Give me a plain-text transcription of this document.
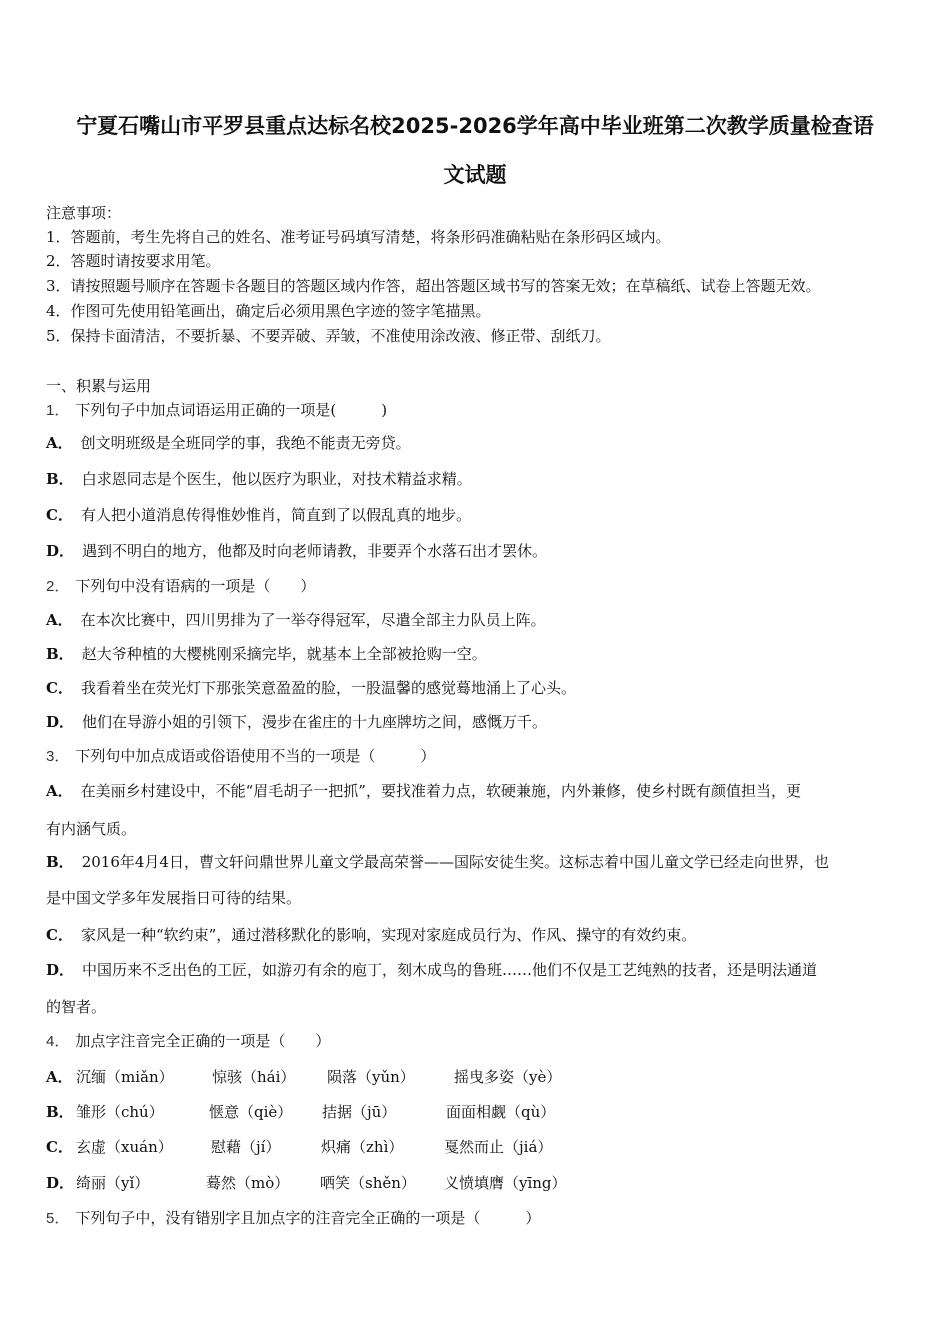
宁夏石嘴山市平罗县重点达标名校2025-2026学年高中毕业班第二次教学质量检查语
文试题
注意事项：
1．答题前，考生先将自己的姓名、准考证号码填写清楚，将条形码准确粘贴在条形码区域内。
2．答题时请按要求用笔。
3．请按照题号顺序在答题卡各题目的答题区域内作答，超出答题区域书写的答案无效；在草稿纸、试卷上答题无效。
4．作图可先使用铅笔画出，确定后必须用黑色字迹的签字笔描黑。
5．保持卡面清洁，不要折暴、不要弄破、弄皱，不准使用涂改液、修正带、刮纸刀。
一、积累与运用
1． 下列句子中加点词语运用正确的一项是(　　　)
A． 创文明班级是全班同学的事，我绝不能责无旁贷。
B． 白求恩同志是个医生，他以医疗为职业，对技术精益求精。
C． 有人把小道消息传得惟妙惟肖，简直到了以假乱真的地步。
D． 遇到不明白的地方，他都及时向老师请教，非要弄个水落石出才罢休。
2． 下列句中没有语病的一项是（　　）
A． 在本次比赛中，四川男排为了一举夺得冠军，尽遣全部主力队员上阵。
B． 赵大爷种植的大樱桃刚采摘完毕，就基本上全部被抢购一空。
C． 我看着坐在荧光灯下那张笑意盈盈的脸，一股温馨的感觉蓦地涌上了心头。
D． 他们在导游小姐的引领下，漫步在雀庄的十九座牌坊之间，感慨万千。
3． 下列句中加点成语或俗语使用不当的一项是（　　　）
A． 在美丽乡村建设中，不能“眉毛胡子一把抓”，要找准着力点，软硬兼施，内外兼修，使乡村既有颜值担当，更
有内涵气质。
B． 2016年4月4日，曹文轩问鼎世界儿童文学最高荣誉——国际安徒生奖。这标志着中国儿童文学已经走向世界，也
是中国文学多年发展指日可待的结果。
C． 家风是一种“软约束”，通过潜移默化的影响，实现对家庭成员行为、作风、操守的有效约束。
D． 中国历来不乏出色的工匠，如游刃有余的庖丁，刻木成鸟的鲁班……他们不仅是工艺纯熟的技者，还是明法通道
的智者。
4． 加点字注音完全正确的一项是（　　）
A． 沉缅（miǎn）	惊骇（hái） 陨落（yǔn）	摇曳多姿（yè）
B． 雏形（chú）	惬意（qiè） 拮据（jū）	面面相觑（qù）
C． 玄虚（xuán）	慰藉（jí）	炽痛（zhì）	戛然而止（jiá）
D． 绮丽（yǐ）	蓦然（mò） 哂笑（shěn） 义愤填膺（yīng）
5． 下列句子中，没有错别字且加点字的注音完全正确的一项是（　　　）
